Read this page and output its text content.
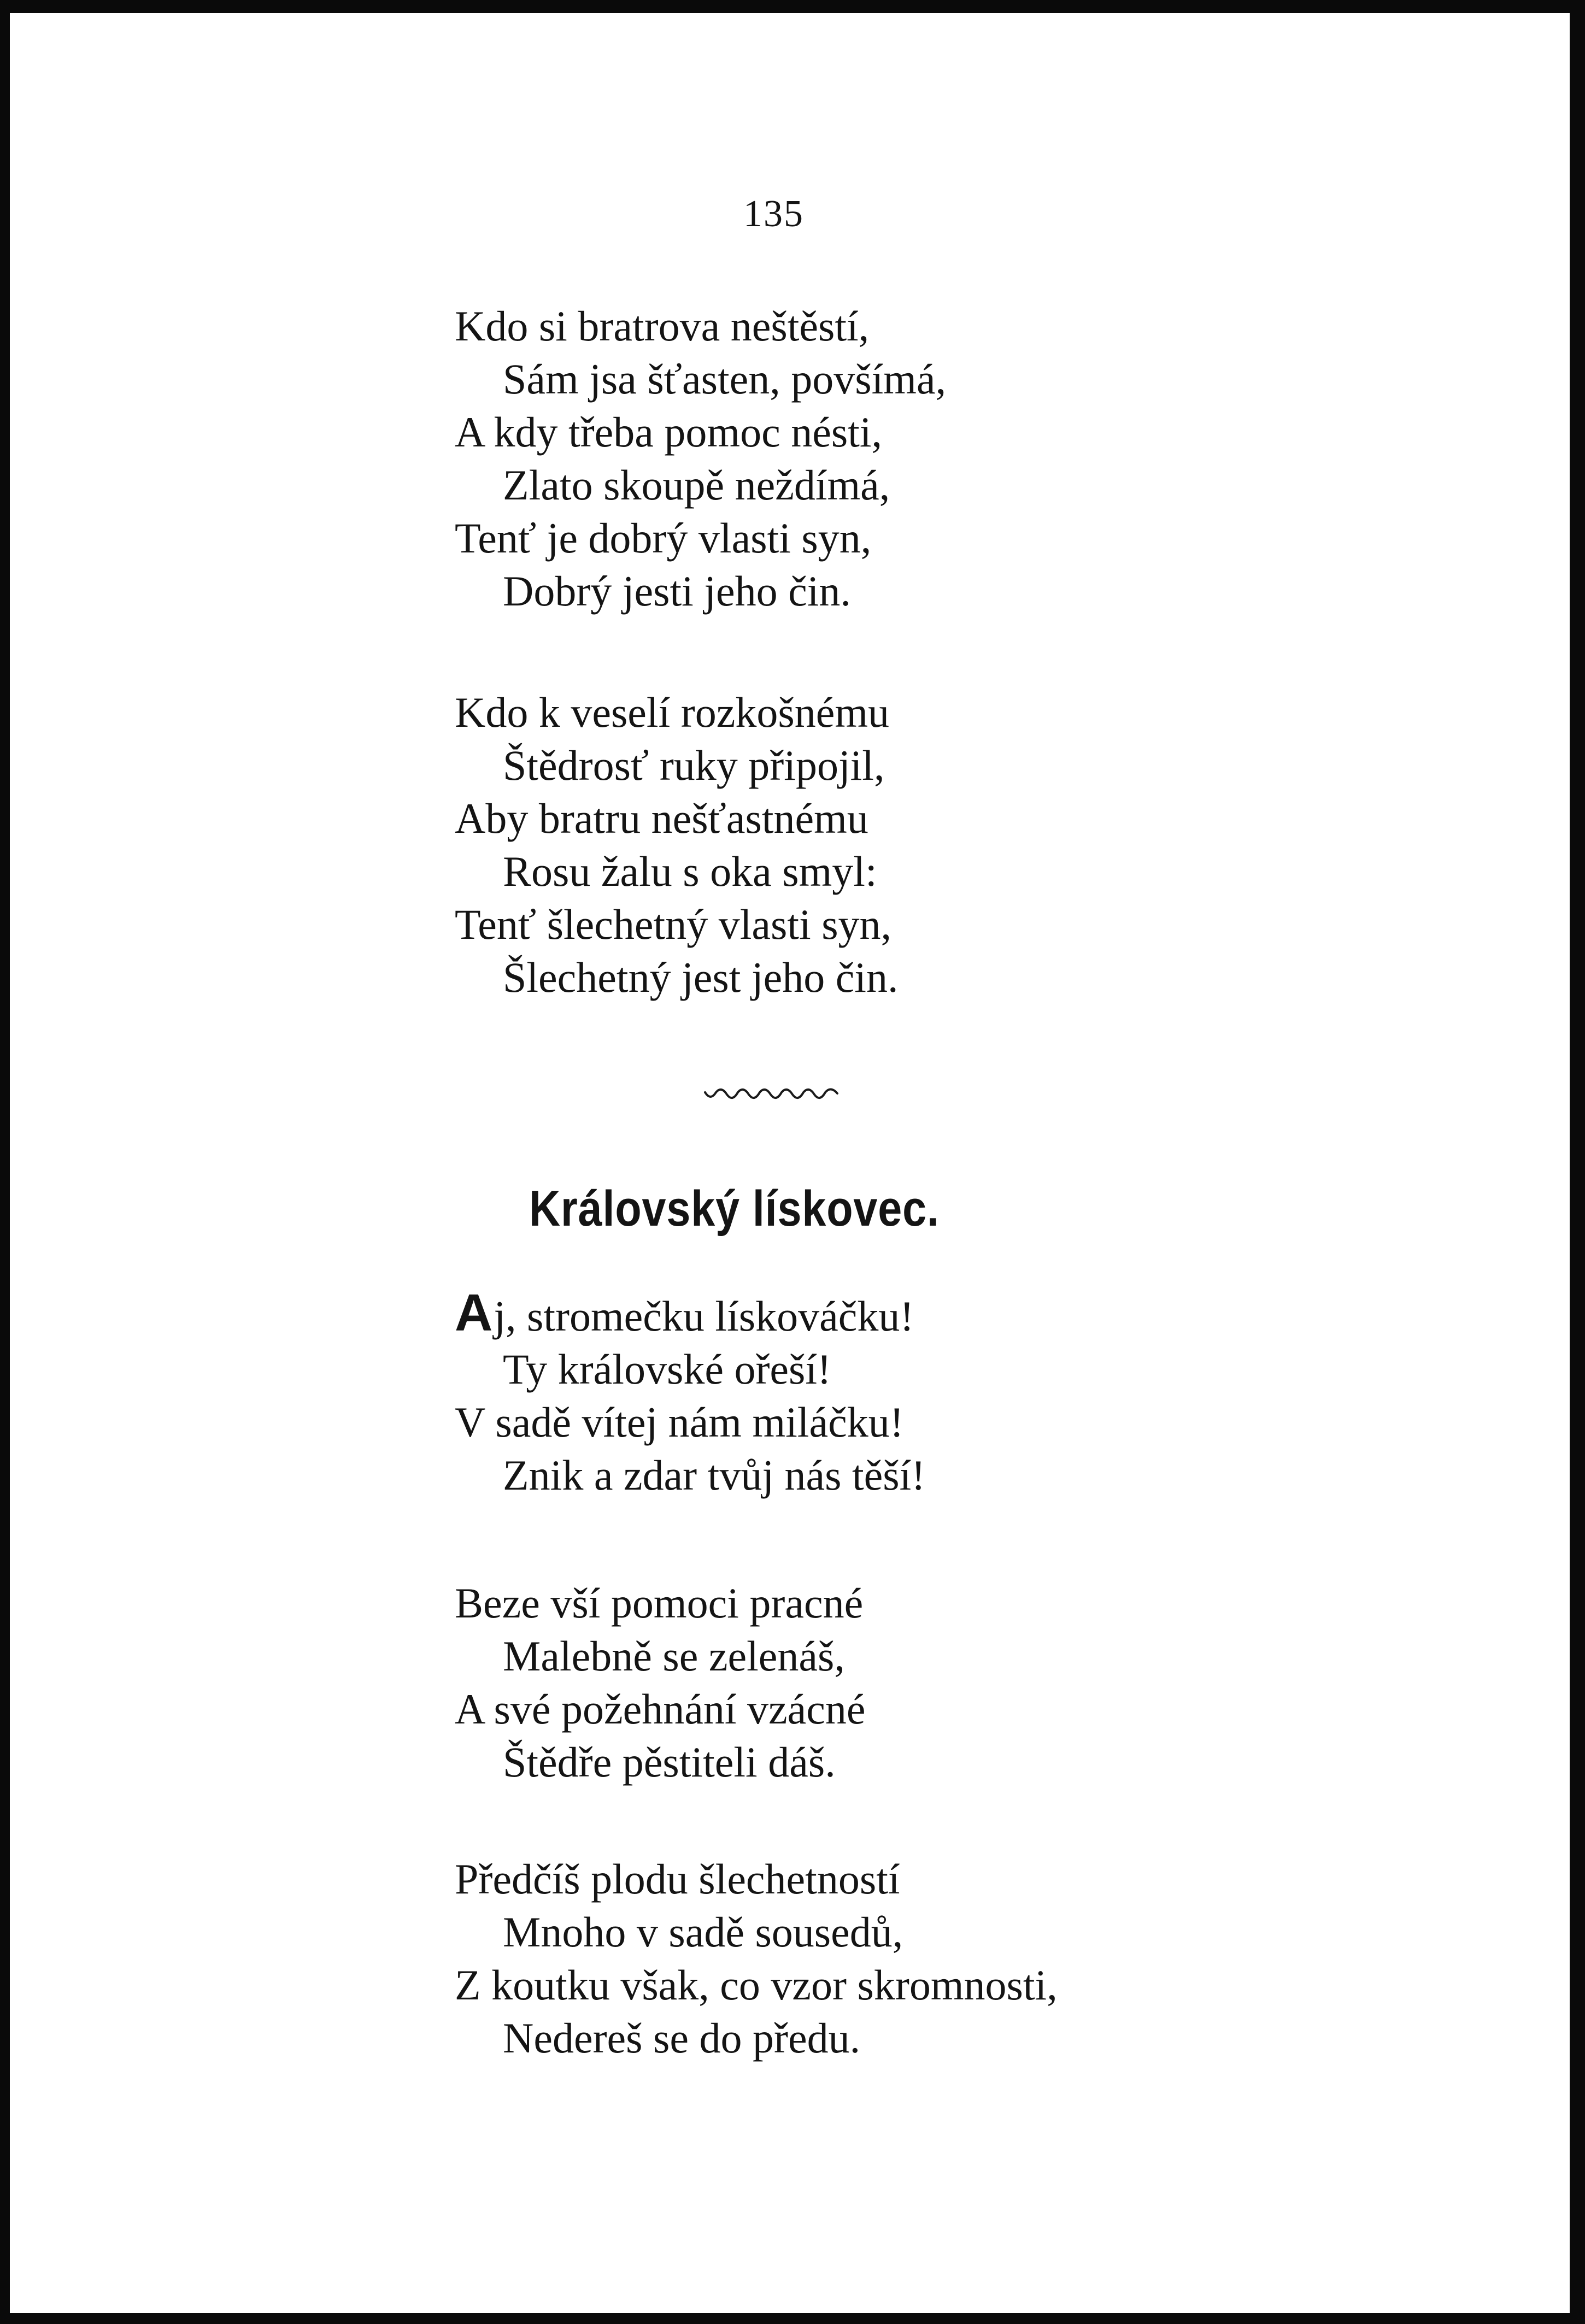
135
Kdo si bratrova neštěstí,
Sám jsa šťasten, povšímá,
A kdy třeba pomoc nésti,
Zlato skoupě neždímá,
Tenť je dobrý vlasti syn,
Dobrý jesti jeho čin.
Kdo k veselí rozkošnému
Štědrosť ruky připojil,
Aby bratru nešťastnému
Rosu žalu s oka smyl:
Tenť šlechetný vlasti syn,
Šlechetný jest jeho čin.
Královský lískovec.
Aj, stromečku lískováčku!
Ty královské ořeší!
V sadě vítej nám miláčku!
Znik a zdar tvůj nás těší!
Beze vší pomoci pracné
Malebně se zelenáš,
A své požehnání vzácné
Štědře pěstiteli dáš.
Předčíš plodu šlechetností
Mnoho v sadě sousedů,
Z koutku však, co vzor skromnosti,
Nedereš se do předu.
